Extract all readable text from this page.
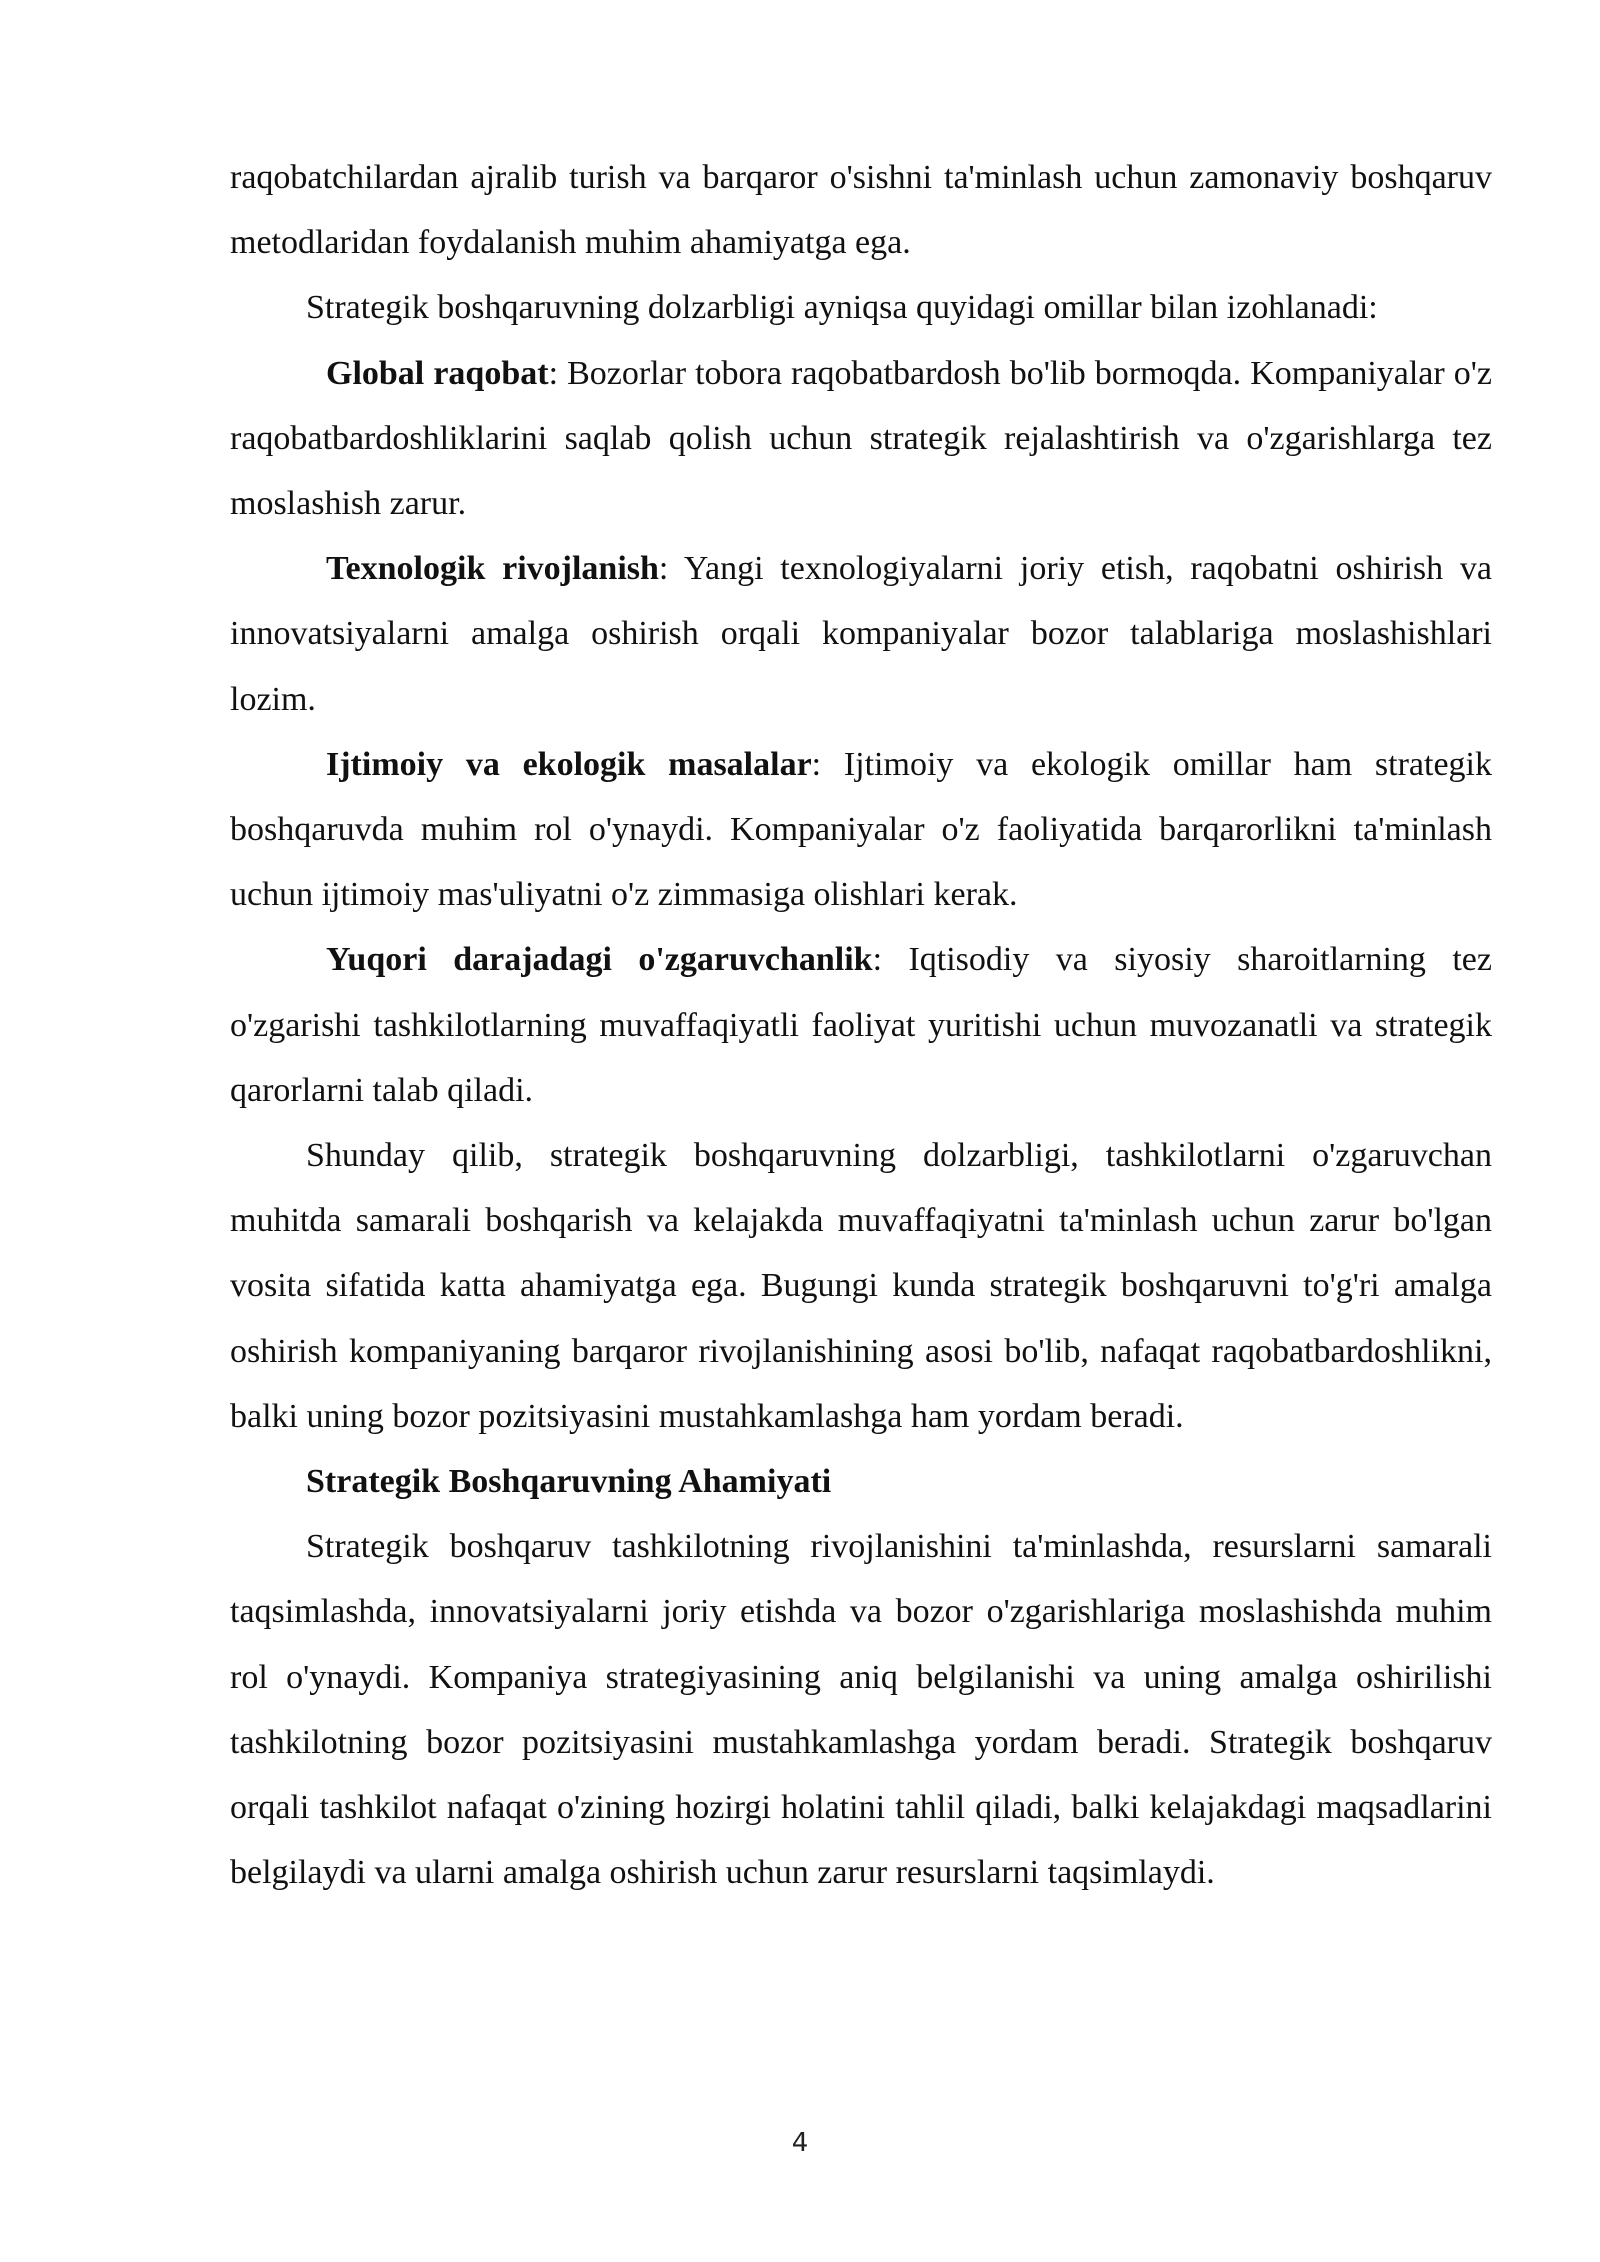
raqobatchilardan ajralib turish va barqaror o'sishni ta'minlash uchun zamonaviy boshqaruv metodlaridan foydalanish muhim ahamiyatga ega.

Strategik boshqaruvning dolzarbligi ayniqsa quyidagi omillar bilan izohlanadi:

Global raqobat: Bozorlar tobora raqobatbardosh bo'lib bormoqda. Kompaniyalar o'z raqobatbardoshliklarini saqlab qolish uchun strategik rejalashtirish va o'zgarishlarga tez moslashish zarur.

Texnologik rivojlanish: Yangi texnologiyalarni joriy etish, raqobatni oshirish va innovatsiyalarni amalga oshirish orqali kompaniyalar bozor talablariga moslashishlari lozim.

Ijtimoiy va ekologik masalalar: Ijtimoiy va ekologik omillar ham strategik boshqaruvda muhim rol o'ynaydi. Kompaniyalar o'z faoliyatida barqarorlikni ta'minlash uchun ijtimoiy mas'uliyatni o'z zimmasiga olishlari kerak.

Yuqori darajadagi o'zgaruvchanlik: Iqtisodiy va siyosiy sharoitlarning tez o'zgarishi tashkilotlarning muvaffaqiyatli faoliyat yuritishi uchun muvozanatli va strategik qarorlarni talab qiladi.

Shunday qilib, strategik boshqaruvning dolzarbligi, tashkilotlarni o'zgaruvchan muhitda samarali boshqarish va kelajakda muvaffaqiyatni ta'minlash uchun zarur bo'lgan vosita sifatida katta ahamiyatga ega. Bugungi kunda strategik boshqaruvni to'g'ri amalga oshirish kompaniyaning barqaror rivojlanishining asosi bo'lib, nafaqat raqobatbardoshlikni, balki uning bozor pozitsiyasini mustahkamlashga ham yordam beradi.

Strategik Boshqaruvning Ahamiyati

Strategik boshqaruv tashkilotning rivojlanishini ta'minlashda, resurslarni samarali taqsimlashda, innovatsiyalarni joriy etishda va bozor o'zgarishlariga moslashishda muhim rol o'ynaydi. Kompaniya strategiyasining aniq belgilanishi va uning amalga oshirilishi tashkilotning bozor pozitsiyasini mustahkamlashga yordam beradi. Strategik boshqaruv orqali tashkilot nafaqat o'zining hozirgi holatini tahlil qiladi, balki kelajakdagi maqsadlarini belgilaydi va ularni amalga oshirish uchun zarur resurslarni taqsimlaydi.

4
